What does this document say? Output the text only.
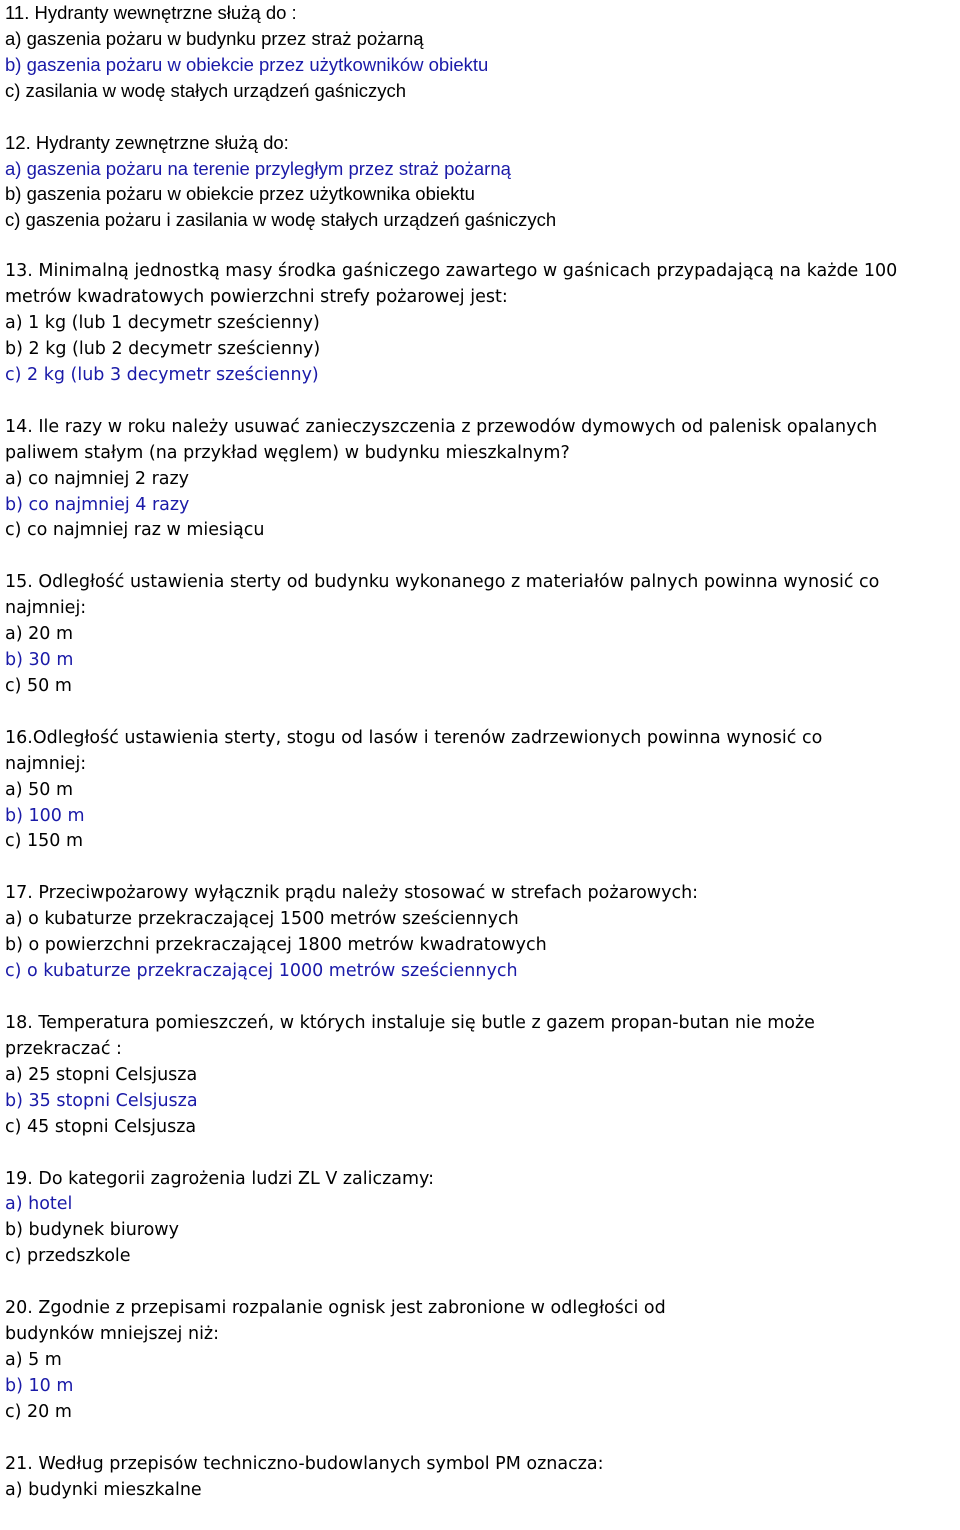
11. Hydranty wewnętrzne służą do :
a) gaszenia pożaru w budynku przez straż pożarną
b) gaszenia pożaru w obiekcie przez użytkowników obiektu
c) zasilania w wodę stałych urządzeń gaśniczych
12. Hydranty zewnętrzne służą do:
a) gaszenia pożaru na terenie przyległym przez straż pożarną
b) gaszenia pożaru w obiekcie przez użytkownika obiektu
c) gaszenia pożaru i zasilania w wodę stałych urządzeń gaśniczych
13. Minimalną jednostką masy środka gaśniczego zawartego w gaśnicach przypadającą na każde 100
metrów kwadratowych powierzchni strefy pożarowej jest:
a) 1 kg (lub 1 decymetr sześcienny)
b) 2 kg (lub 2 decymetr sześcienny)
c) 2 kg (lub 3 decymetr sześcienny)
14. Ile razy w roku należy usuwać zanieczyszczenia z przewodów dymowych od palenisk opalanych
paliwem stałym (na przykład węglem) w budynku mieszkalnym?
a) co najmniej 2 razy
b) co najmniej 4 razy
c) co najmniej raz w miesiącu
15. Odległość ustawienia sterty od budynku wykonanego z materiałów palnych powinna wynosić co
najmniej:
a) 20 m
b) 30 m
c) 50 m
16.Odległość ustawienia sterty, stogu od lasów i terenów zadrzewionych powinna wynosić co
najmniej:
a) 50 m
b) 100 m
c) 150 m
17. Przeciwpożarowy wyłącznik prądu należy stosować w strefach pożarowych:
a) o kubaturze przekraczającej 1500 metrów sześciennych
b) o powierzchni przekraczającej 1800 metrów kwadratowych
c) o kubaturze przekraczającej 1000 metrów sześciennych
18. Temperatura pomieszczeń, w których instaluje się butle z gazem propan-butan nie może
przekraczać :
a) 25 stopni Celsjusza
b) 35 stopni Celsjusza
c) 45 stopni Celsjusza
19. Do kategorii zagrożenia ludzi ZL V zaliczamy:
a) hotel
b) budynek biurowy
c) przedszkole
20. Zgodnie z przepisami rozpalanie ognisk jest zabronione w odległości od
budynków mniejszej niż:
a) 5 m
b) 10 m
c) 20 m
21. Według przepisów techniczno-budowlanych symbol PM oznacza:
a) budynki mieszkalne
